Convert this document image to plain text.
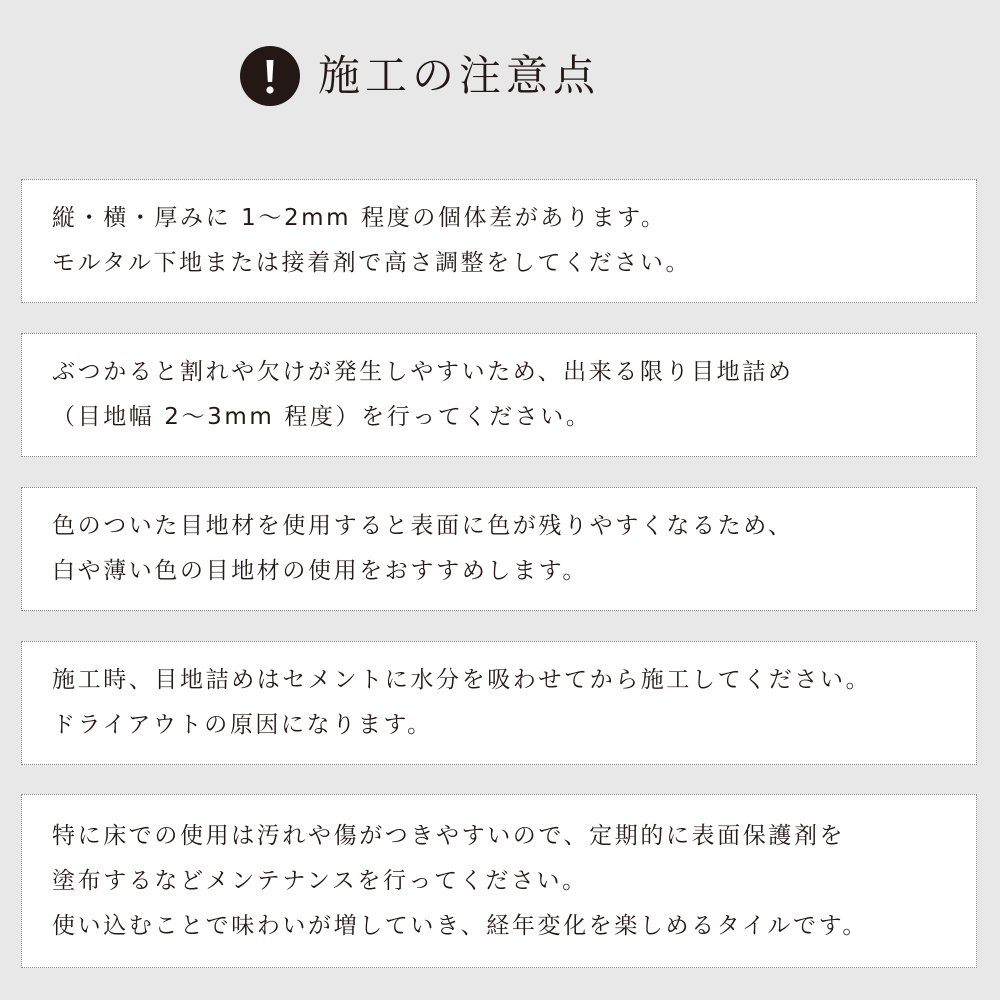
施工の注意点
縦・横・厚みに 1～2mm 程度の個体差があります。
モルタル下地または接着剤で高さ調整をしてください。
ぶつかると割れや欠けが発生しやすいため、出来る限り目地詰め
（目地幅 2～3mm 程度）を行ってください。
色のついた目地材を使用すると表面に色が残りやすくなるため、
白や薄い色の目地材の使用をおすすめします。
施工時、目地詰めはセメントに水分を吸わせてから施工してください。
ドライアウトの原因になります。
特に床での使用は汚れや傷がつきやすいので、定期的に表面保護剤を
塗布するなどメンテナンスを行ってください。
使い込むことで味わいが増していき、経年変化を楽しめるタイルです。
